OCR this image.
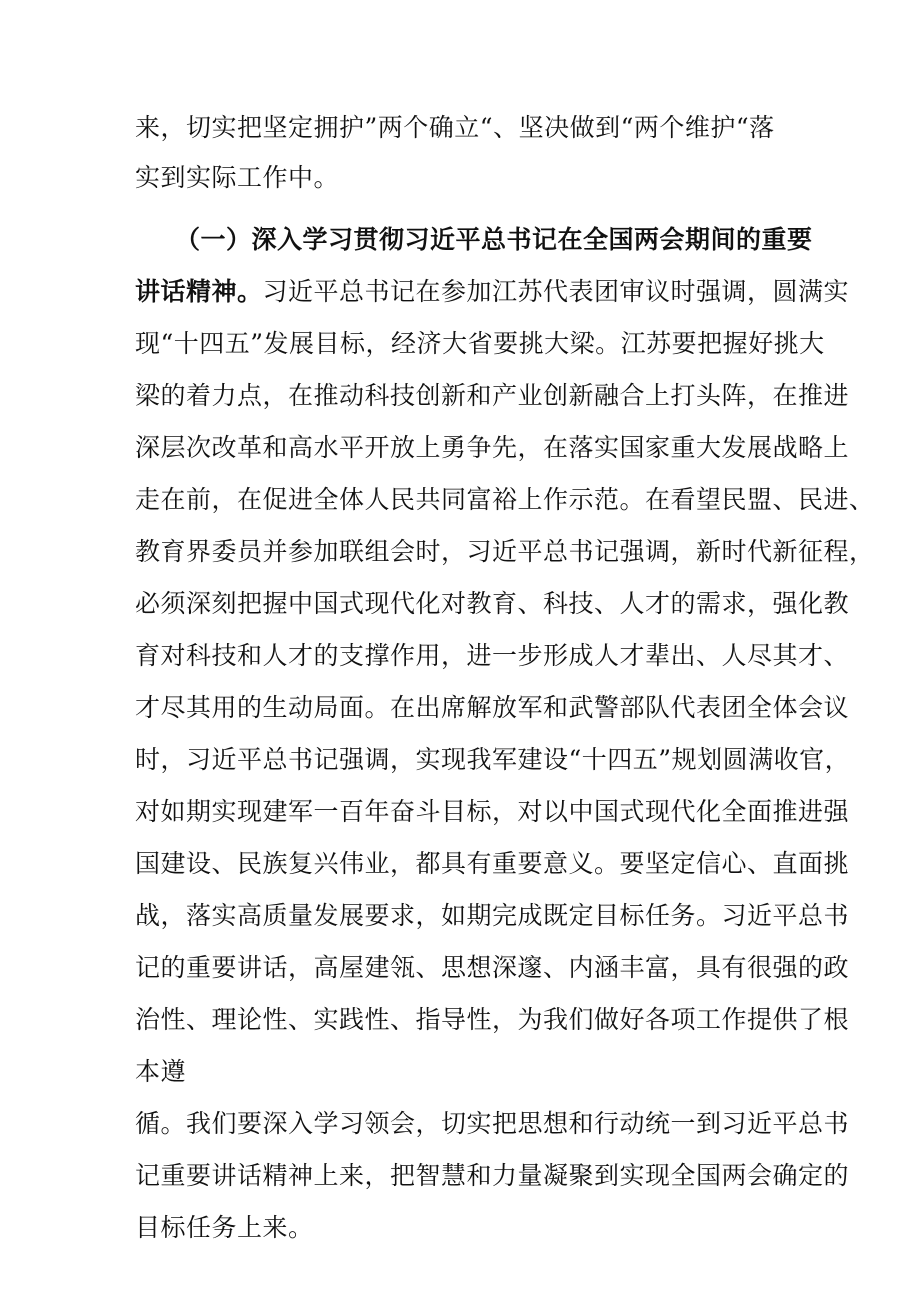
来，切实把坚定拥护”两个确立“、坚决做到“两个维护“落
实到实际工作中。
（一）深入学习贯彻习近平总书记在全国两会期间的重要
讲话精神。习近平总书记在参加江苏代表团审议时强调，圆满实
现“十四五”发展目标，经济大省要挑大梁。江苏要把握好挑大
梁的着力点，在推动科技创新和产业创新融合上打头阵，在推进
深层次改革和高水平开放上勇争先，在落实国家重大发展战略上
走在前，在促进全体人民共同富裕上作示范。在看望民盟、民进、
教育界委员并参加联组会时，习近平总书记强调，新时代新征程，
必须深刻把握中国式现代化对教育、科技、人才的需求，强化教
育对科技和人才的支撑作用，进一步形成人才辈出、人尽其才、
才尽其用的生动局面。在出席解放军和武警部队代表团全体会议
时，习近平总书记强调，实现我军建设“十四五”规划圆满收官，
对如期实现建军一百年奋斗目标，对以中国式现代化全面推进强
国建设、民族复兴伟业，都具有重要意义。要坚定信心、直面挑
战，落实高质量发展要求，如期完成既定目标任务。习近平总书
记的重要讲话，高屋建瓴、思想深邃、内涵丰富，具有很强的政
治性、理论性、实践性、指导性，为我们做好各项工作提供了根
本遵
循。我们要深入学习领会，切实把思想和行动统一到习近平总书
记重要讲话精神上来，把智慧和力量凝聚到实现全国两会确定的
目标任务上来。
